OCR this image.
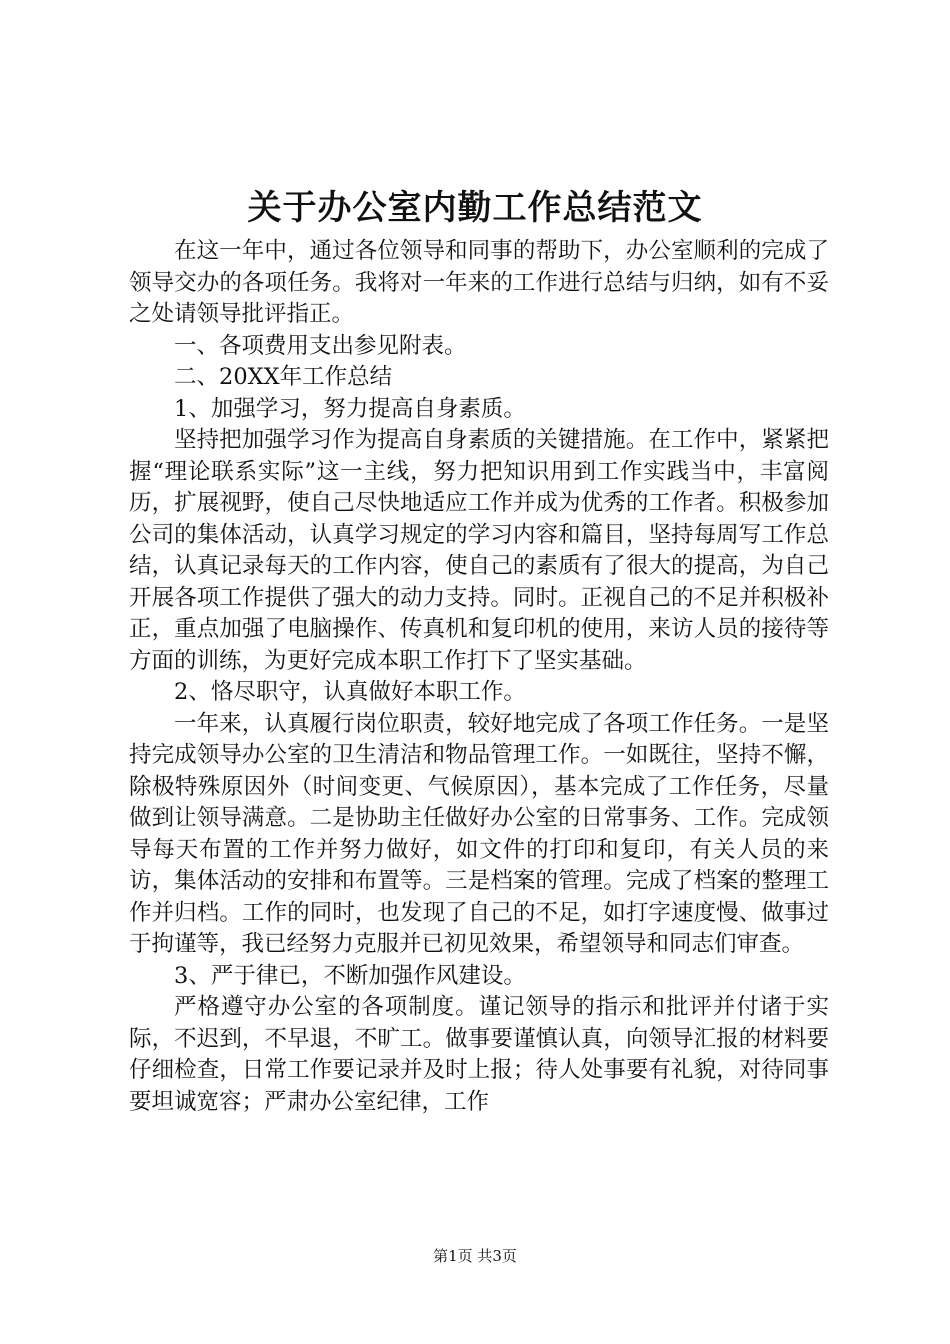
关于办公室内勤工作总结范文

在这一年中，通过各位领导和同事的帮助下，办公室顺利的完成了领导交办的各项任务。我将对一年来的工作进行总结与归纳，如有不妥之处请领导批评指正。

一、各项费用支出参见附表。

二、20XX年工作总结

1、加强学习，努力提高自身素质。

坚持把加强学习作为提高自身素质的关键措施。在工作中，紧紧把握“理论联系实际”这一主线，努力把知识用到工作实践当中，丰富阅历，扩展视野，使自己尽快地适应工作并成为优秀的工作者。积极参加公司的集体活动，认真学习规定的学习内容和篇目，坚持每周写工作总结，认真记录每天的工作内容，使自己的素质有了很大的提高，为自己开展各项工作提供了强大的动力支持。同时。正视自己的不足并积极补正，重点加强了电脑操作、传真机和复印机的使用，来访人员的接待等方面的训练，为更好完成本职工作打下了坚实基础。

2、恪尽职守，认真做好本职工作。

一年来，认真履行岗位职责，较好地完成了各项工作任务。一是坚持完成领导办公室的卫生清洁和物品管理工作。一如既往，坚持不懈，除极特殊原因外（时间变更、气候原因），基本完成了工作任务，尽量做到让领导满意。二是协助主任做好办公室的日常事务、工作。完成领导每天布置的工作并努力做好，如文件的打印和复印，有关人员的来访，集体活动的安排和布置等。三是档案的管理。完成了档案的整理工作并归档。工作的同时，也发现了自己的不足，如打字速度慢、做事过于拘谨等，我已经努力克服并已初见效果，希望领导和同志们审查。

3、严于律已，不断加强作风建设。

严格遵守办公室的各项制度。谨记领导的指示和批评并付诸于实际，不迟到，不早退，不旷工。做事要谨慎认真，向领导汇报的材料要仔细检查，日常工作要记录并及时上报；待人处事要有礼貌，对待同事要坦诚宽容；严肃办公室纪律，工作

第1页 共3页
